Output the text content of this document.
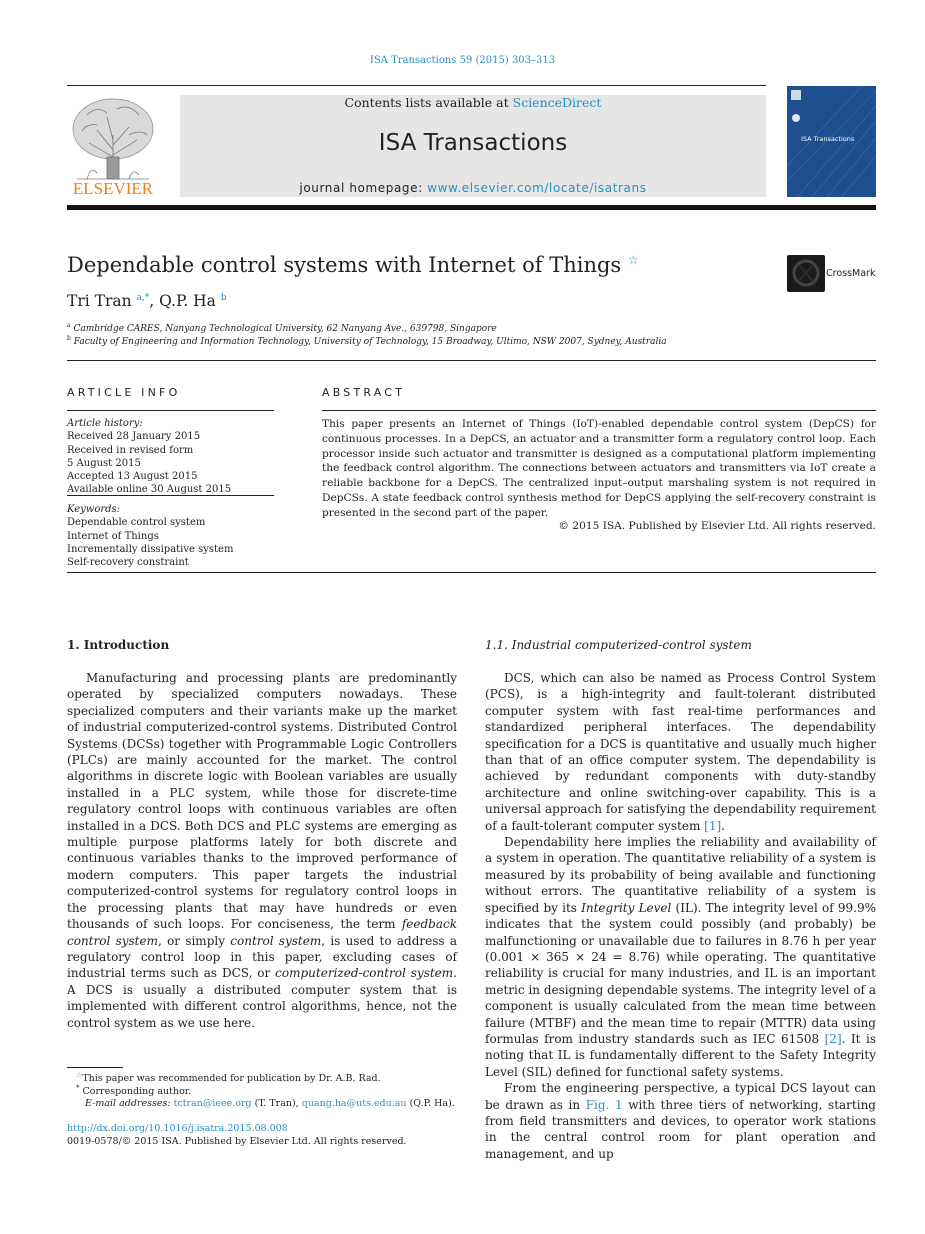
ISA Transactions 59 (2015) 303–313
ELSEVIER
Contents lists available at ScienceDirect
ISA Transactions
journal homepage: www.elsevier.com/locate/isatrans
ISA Transactions
Dependable control systems with Internet of Things ☆
CrossMark
Tri Tran $^{a,*}$, Q.P. Ha $^b$
$^a$ Cambridge CARES, Nanyang Technological University, 62 Nanyang Ave., 639798, Singapore
$^b$ Faculty of Engineering and Information Technology, University of Technology, 15 Broadway, Ultimo, NSW 2007, Sydney, Australia
ARTICLE INFO
Article history:
Received 28 January 2015
Received in revised form
5 August 2015
Accepted 13 August 2015
Available online 30 August 2015
Keywords:
Dependable control system
Internet of Things
Incrementally dissipative system
Self-recovery constraint
ABSTRACT
This paper presents an Internet of Things (IoT)-enabled dependable control system (DepCS) for continuous processes. In a DepCS, an actuator and a transmitter form a regulatory control loop. Each processor inside such actuator and transmitter is designed as a computational platform implementing the feedback control algorithm. The connections between actuators and transmitters via IoT create a reliable backbone for a DepCS. The centralized input–output marshaling system is not required in DepCSs. A state feedback control synthesis method for DepCS applying the self-recovery constraint is presented in the second part of the paper.
© 2015 ISA. Published by Elsevier Ltd. All rights reserved.
1. Introduction

Manufacturing and processing plants are predominantly operated by specialized computers nowadays. These specialized computers and their variants make up the market of industrial computerized-control systems. Distributed Control Systems (DCSs) together with Programmable Logic Controllers (PLCs) are mainly accounted for the market. The control algorithms in discrete logic with Boolean variables are usually installed in a PLC system, while those for discrete-time regulatory control loops with continuous variables are often installed in a DCS. Both DCS and PLC systems are emerging as multiple purpose platforms lately for both discrete and continuous variables thanks to the improved performance of modern computers. This paper targets the industrial computerized-control systems for regulatory control loops in the processing plants that may have hundreds or even thousands of such loops. For conciseness, the term feedback control system, or simply control system, is used to address a regulatory control loop in this paper, excluding cases of industrial terms such as DCS, or computerized-control system. A DCS is usually a distributed computer system that is implemented with different control algorithms, hence, not the control system as we use here.

1.1. Industrial computerized-control system

DCS, which can also be named as Process Control System (PCS), is a high-integrity and fault-tolerant distributed computer system with fast real-time performances and standardized peripheral interfaces. The dependability specification for a DCS is quantitative and usually much higher than that of an office computer system. The dependability is achieved by redundant components with duty-standby architecture and online switching-over capability. This is a universal approach for satisfying the dependability requirement of a fault-tolerant computer system [1].

Dependability here implies the reliability and availability of a system in operation. The quantitative reliability of a system is measured by its probability of being available and functioning without errors. The quantitative reliability of a system is specified by its Integrity Level (IL). The integrity level of 99.9% indicates that the system could possibly (and probably) be malfunctioning or unavailable due to failures in 8.76 h per year (0.001 × 365 × 24 = 8.76) while operating. The quantitative reliability is crucial for many industries, and IL is an important metric in designing dependable systems. The integrity level of a component is usually calculated from the mean time between failure (MTBF) and the mean time to repair (MTTR) data using formulas from industry standards such as IEC 61508 [2]. It is noting that IL is fundamentally different to the Safety Integrity Level (SIL) defined for functional safety systems.

From the engineering perspective, a typical DCS layout can be drawn as in Fig. 1 with three tiers of networking, starting from field transmitters and devices, to operator work stations in the central control room for plant operation and management, and up

☆This paper was recommended for publication by Dr. A.B. Rad.
* Corresponding author.
E-mail addresses: tctran@ieee.org (T. Tran), quang.ha@uts.edu.au (Q.P. Ha).
http://dx.doi.org/10.1016/j.isatra.2015.08.008
0019-0578/© 2015 ISA. Published by Elsevier Ltd. All rights reserved.
